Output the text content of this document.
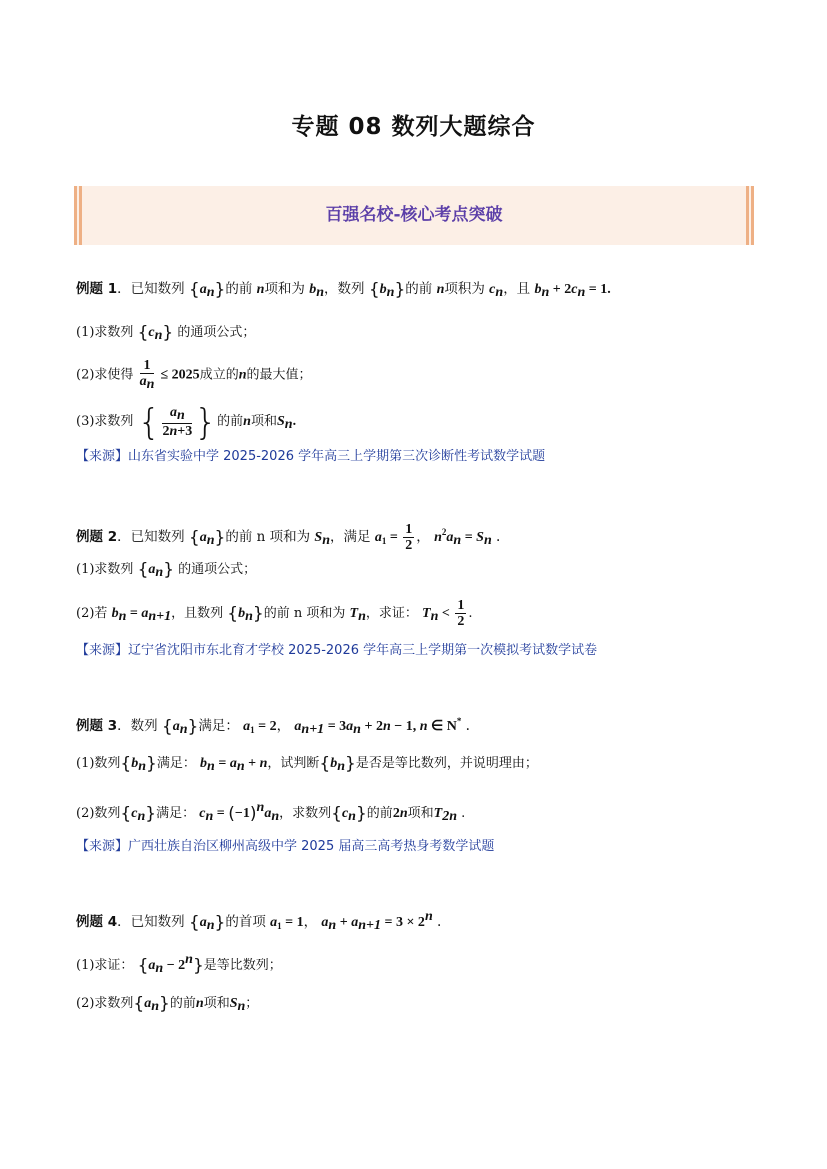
专题 08 数列大题综合
百强名校-核心考点突破
例题 1．已知数列 $\{a_n\}$的前 n项和为 $b_n$，数列 $\{b_n\}$的前 n项积为 $c_n$，且 $b_n + 2c_n = 1$.
(1)求数列 $\{c_n\}$ 的通项公式；
(2)求使得 $\frac{1}{a_n} \le 2025$成立的n的最大值；
(3)求数列 { $\frac{a_n}{2n+3}$ }的前n项和$S_n$.
【来源】山东省实验中学 2025-2026 学年高三上学期第三次诊断性考试数学试题
例题 2．已知数列 $\{a_n\}$的前 n 项和为 $S_n$，满足 $a_1 = \frac{1}{2}$ ， $n^2a_n = S_n$ .
(1)求数列 $\{a_n\}$ 的通项公式；
(2)若 $b_n = a_{n+1}$，且数列 $\{b_n\}$的前 n 项和为 $T_n$，求证： $T_n < \frac{1}{2}$ .
【来源】辽宁省沈阳市东北育才学校 2025-2026 学年高三上学期第一次模拟考试数学试卷
例题 3．数列 $\{a_n\}$满足： $a_1 = 2$， $a_{n+1} = 3a_n + 2n - 1$, n ∈ N* .
(1)数列$\{b_n\}$满足： $b_n = a_n + n$，试判断$\{b_n\}$是否是等比数列，并说明理由；
(2)数列$\{c_n\}$满足： $c_n = (-1)^na_n$，求数列$\{c_n\}$的前2n项和$T_{2n}$ .
【来源】广西壮族自治区柳州高级中学 2025 届高三高考热身考数学试题
例题 4．已知数列 $\{a_n\}$的首项 $a_1 = 1$， $a_n + a_{n+1} = 3 \times 2^n$ .
(1)求证： $\{a_n - 2^n\}$是等比数列；
(2)求数列$\{a_n\}$的前n项和$S_n$；
